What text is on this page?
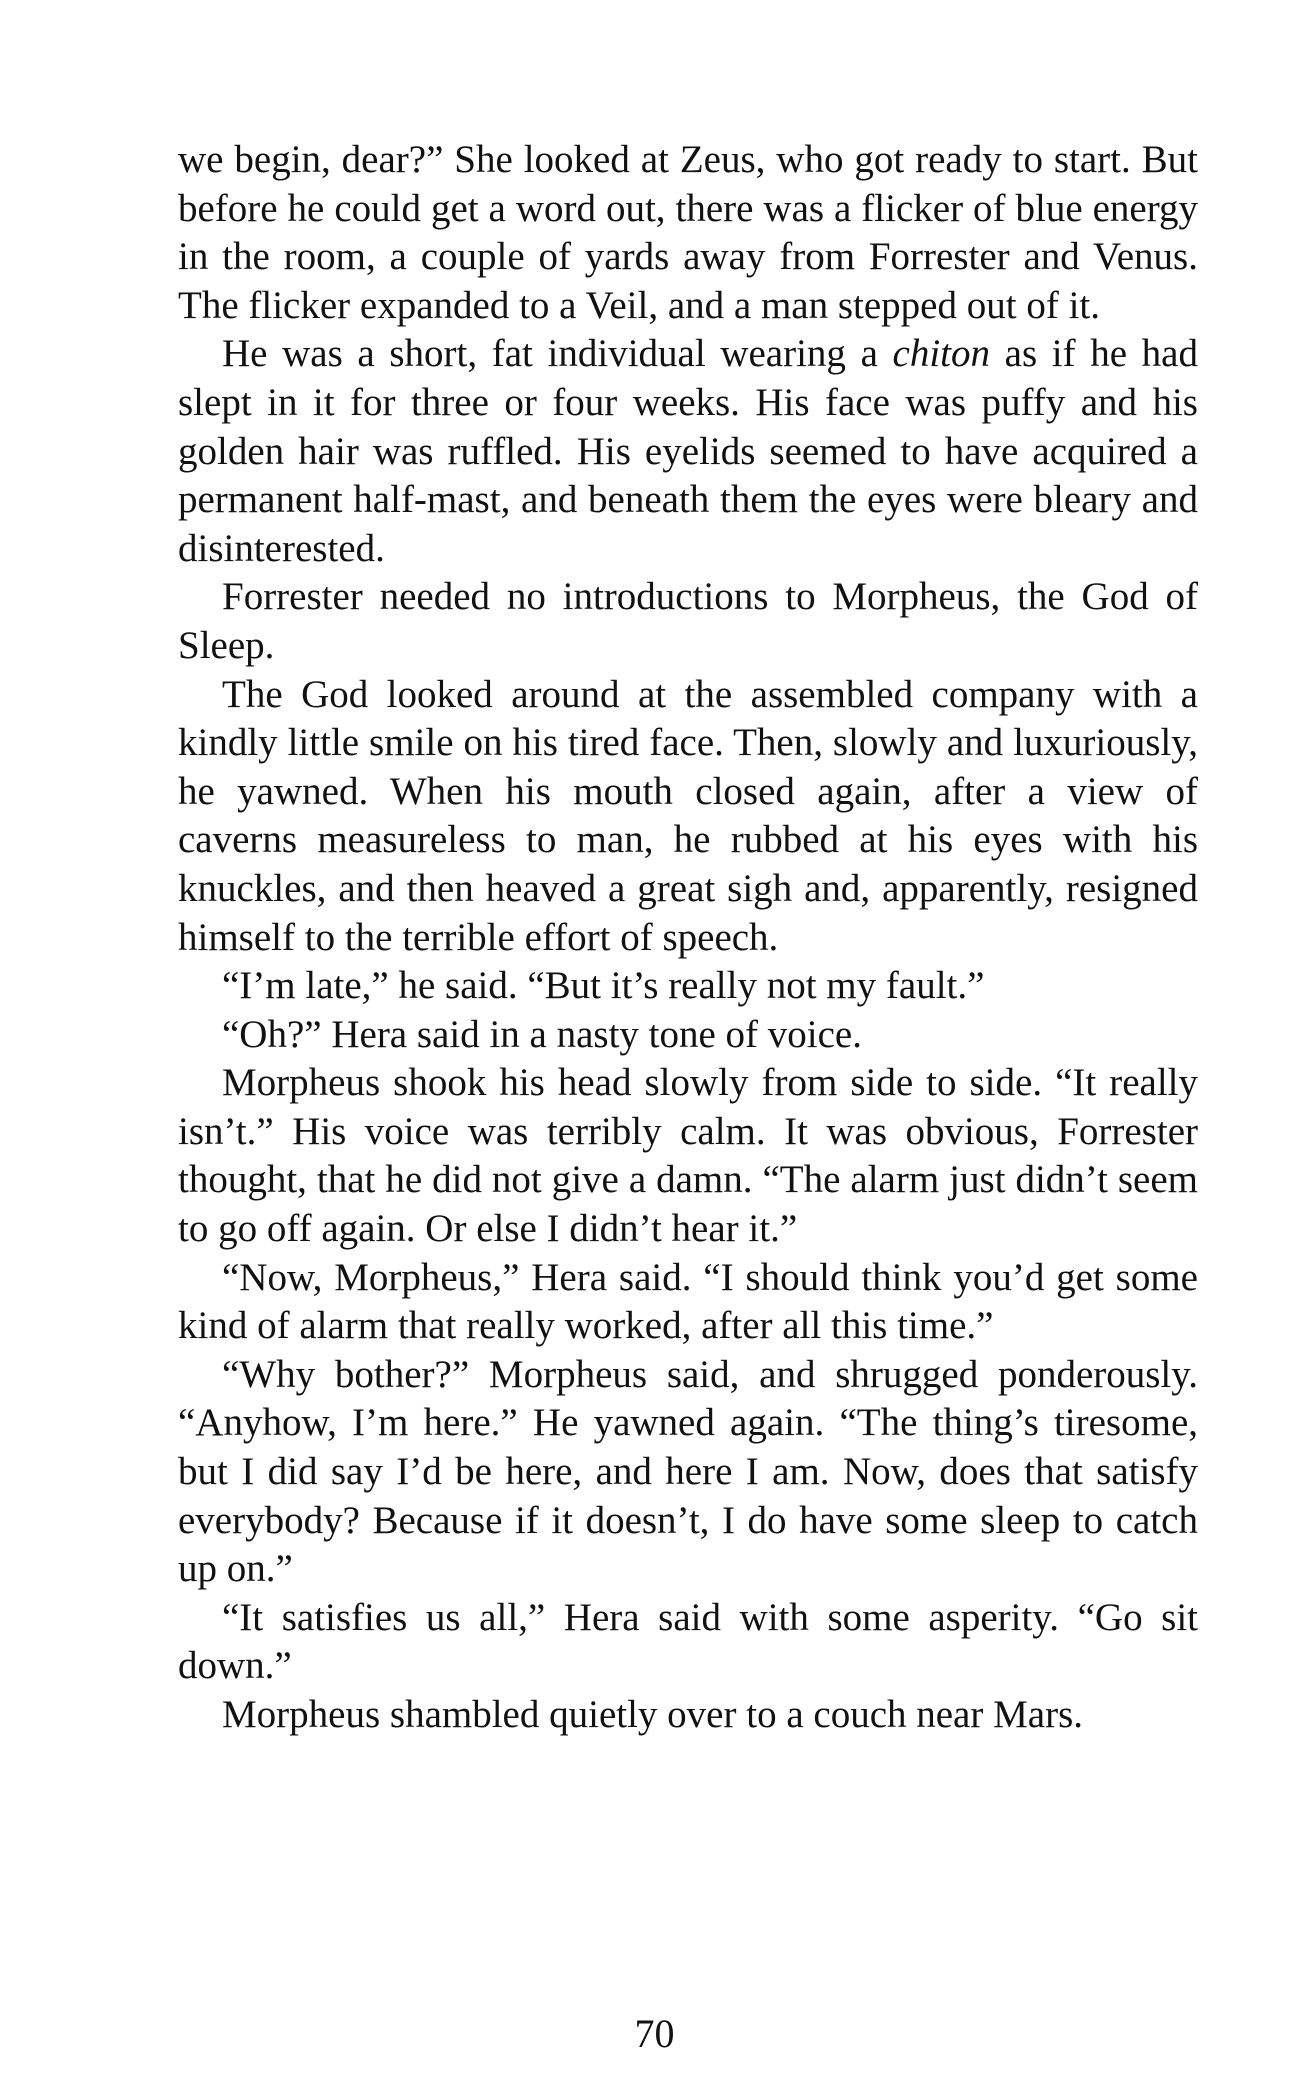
we begin, dear?” She looked at Zeus, who got ready to start. But before he could get a word out, there was a flicker of blue energy in the room, a couple of yards away from Forrester and Venus. The flicker expanded to a Veil, and a man stepped out of it.

He was a short, fat individual wearing a chiton as if he had slept in it for three or four weeks. His face was puffy and his golden hair was ruffled. His eyelids seemed to have acquired a permanent half-mast, and beneath them the eyes were bleary and disinterested.

Forrester needed no introductions to Morpheus, the God of Sleep.

The God looked around at the assembled company with a kindly little smile on his tired face. Then, slowly and luxuriously, he yawned. When his mouth closed again, after a view of caverns measureless to man, he rubbed at his eyes with his knuckles, and then heaved a great sigh and, apparently, resigned himself to the terrible effort of speech.

“I’m late,” he said. “But it’s really not my fault.”

“Oh?” Hera said in a nasty tone of voice.

Morpheus shook his head slowly from side to side. “It really isn’t.” His voice was terribly calm. It was obvious, Forrester thought, that he did not give a damn. “The alarm just didn’t seem to go off again. Or else I didn’t hear it.”

“Now, Morpheus,” Hera said. “I should think you’d get some kind of alarm that really worked, after all this time.”

“Why bother?” Morpheus said, and shrugged ponderously. “Anyhow, I’m here.” He yawned again. “The thing’s tiresome, but I did say I’d be here, and here I am. Now, does that satisfy everybody? Because if it doesn’t, I do have some sleep to catch up on.”

“It satisfies us all,” Hera said with some asperity. “Go sit down.”

Morpheus shambled quietly over to a couch near Mars.

70
